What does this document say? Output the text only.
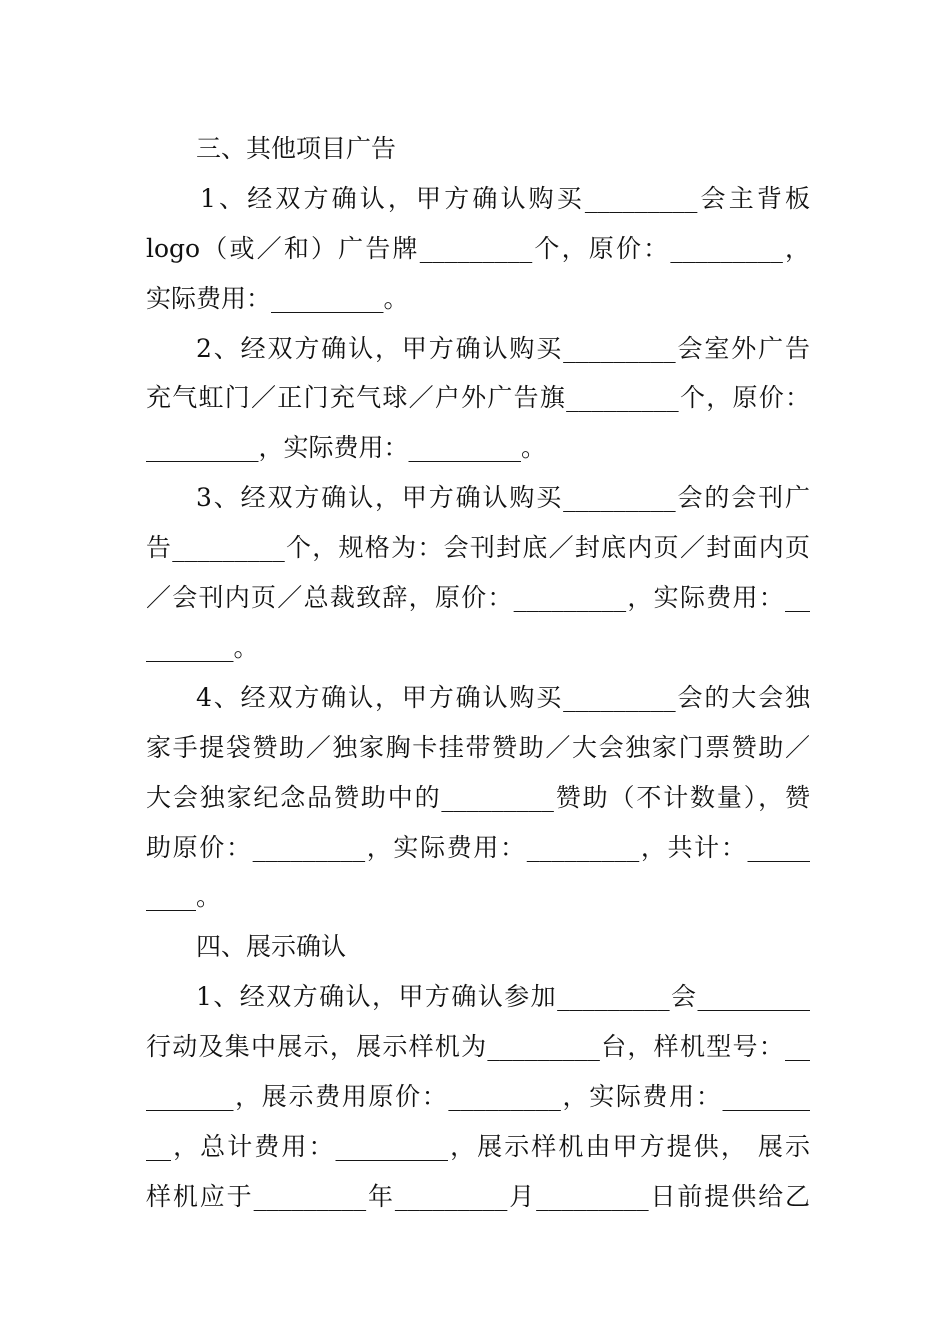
三、其他项目广告
1、经双方确认，甲方确认购买_________会主背板
logo（或／和）广告牌_________个，原价：_________，
实际费用：_________。
2、经双方确认，甲方确认购买_________会室外广告
充气虹门／正门充气球／户外广告旗_________个，原价：
_________，实际费用：_________。
3、经双方确认，甲方确认购买_________会的会刊广
告_________个，规格为：会刊封底／封底内页／封面内页
／会刊内页／总裁致辞，原价：_________，实际费用：__
_______。
4、经双方确认，甲方确认购买_________会的大会独
家手提袋赞助／独家胸卡挂带赞助／大会独家门票赞助／
大会独家纪念品赞助中的_________赞助（不计数量），赞
助原价：_________，实际费用：_________，共计：_____
____。
四、展示确认
1、经双方确认，甲方确认参加_________会_________
行动及集中展示，展示样机为_________台，样机型号：__
_______，展示费用原价：_________，实际费用：_______
__，总计费用：_________，展示样机由甲方提供， 展示
样机应于_________年_________月_________日前提供给乙
